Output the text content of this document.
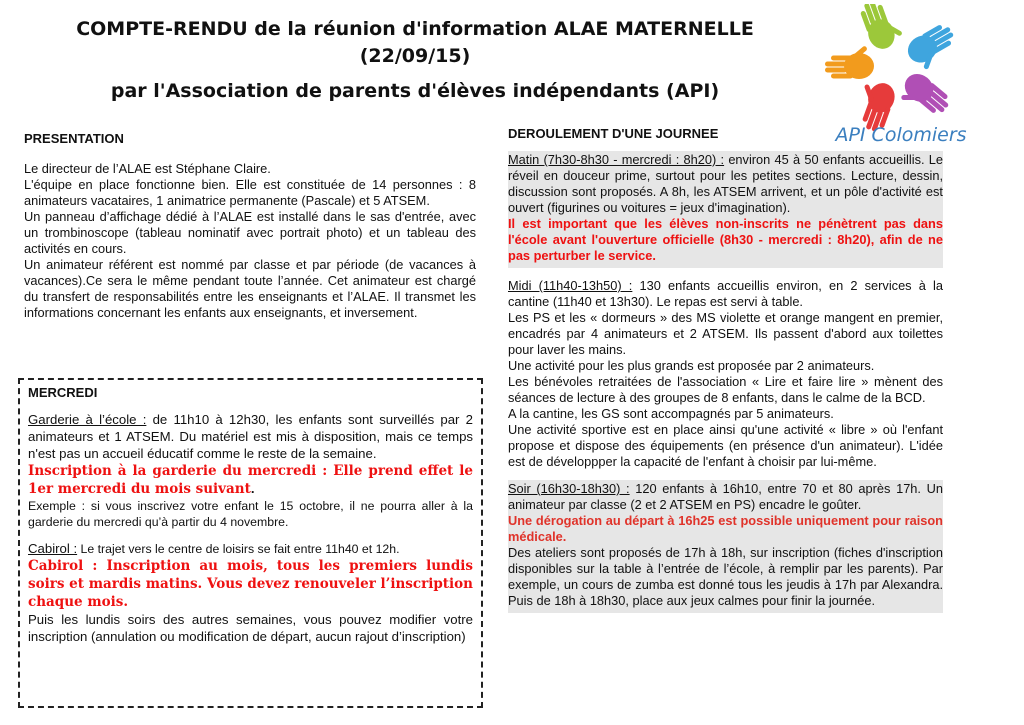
COMPTE-RENDU de la réunion d'information ALAE MATERNELLE
(22/09/15)
par l'Association de parents d'élèves indépendants (API)
API Colomiers
PRESENTATION

Le directeur de l’ALAE est Stéphane Claire.

L'équipe en place fonctionne bien. Elle est constituée de 14 personnes : 8 animateurs vacataires, 1 animatrice permanente (Pascale) et 5 ATSEM.

Un panneau d’affichage dédié à l’ALAE est installé dans le sas d'entrée, avec un trombinoscope (tableau nominatif avec portrait photo) et un tableau des activités en cours.

Un animateur référent est nommé par classe et par période (de vacances à vacances).Ce sera le même pendant toute l’année. Cet animateur est chargé du transfert de responsabilités entre les enseignants et l’ALAE. Il transmet les informations concernant les enfants aux enseignants, et inversement.

MERCREDI

Garderie à l’école : de 11h10 à 12h30, les enfants sont surveillés par 2 animateurs et 1 ATSEM. Du matériel est mis à disposition, mais ce temps n'est pas un accueil éducatif comme le reste de la semaine.

Inscription à la garderie du mercredi : Elle prend effet le 1er mercredi du mois suivant.

Exemple : si vous inscrivez votre enfant le 15 octobre, il ne pourra aller à la garderie du mercredi qu’à partir du 4 novembre.

Cabirol : Le trajet vers le centre de loisirs se fait entre 11h40 et 12h.

Cabirol : Inscription au mois, tous les premiers lundis soirs et mardis matins. Vous devez renouveler l’inscription chaque mois.

Puis les lundis soirs des autres semaines, vous pouvez modifier votre inscription (annulation ou modification de départ, aucun rajout d’inscription)

DEROULEMENT D'UNE JOURNEE

Matin (7h30-8h30 - mercredi : 8h20) : environ 45 à 50 enfants accueillis. Le réveil en douceur prime, surtout pour les petites sections. Lecture, dessin, discussion sont proposés. A 8h, les ATSEM arrivent, et un pôle d'activité est ouvert (figurines ou voitures = jeux d'imagination).

Il est important que les élèves non-inscrits ne pénètrent pas dans l'école avant l'ouverture officielle (8h30 - mercredi : 8h20), afin de ne pas perturber le service.

Midi (11h40-13h50) : 130 enfants accueillis environ, en 2 services à la cantine (11h40 et 13h30). Le repas est servi à table.

Les PS et les « dormeurs » des MS violette et orange mangent en premier, encadrés par 4 animateurs et 2 ATSEM. Ils passent d'abord aux toilettes pour laver les mains.

Une activité pour les plus grands est proposée par 2 animateurs.

Les bénévoles retraitées de l'association « Lire et faire lire » mènent des séances de lecture à des groupes de 8 enfants, dans le calme de la BCD.

A la cantine, les GS sont accompagnés par 5 animateurs.

Une activité sportive est en place ainsi qu'une activité « libre » où l'enfant propose et dispose des équipements (en présence d'un animateur). L'idée est de développper la capacité de l'enfant à choisir par lui-même.

Soir (16h30-18h30) : 120 enfants à 16h10, entre 70 et 80 après 17h. Un animateur par classe (2 et 2 ATSEM en PS) encadre le goûter.

Une dérogation au départ à 16h25 est possible uniquement pour raison médicale.

Des ateliers sont proposés de 17h à 18h, sur inscription (fiches d'inscription disponibles sur la table à l’entrée de l’école, à remplir par les parents). Par exemple, un cours de zumba est donné tous les jeudis à 17h par Alexandra. Puis de 18h à 18h30, place aux jeux calmes pour finir la journée.
